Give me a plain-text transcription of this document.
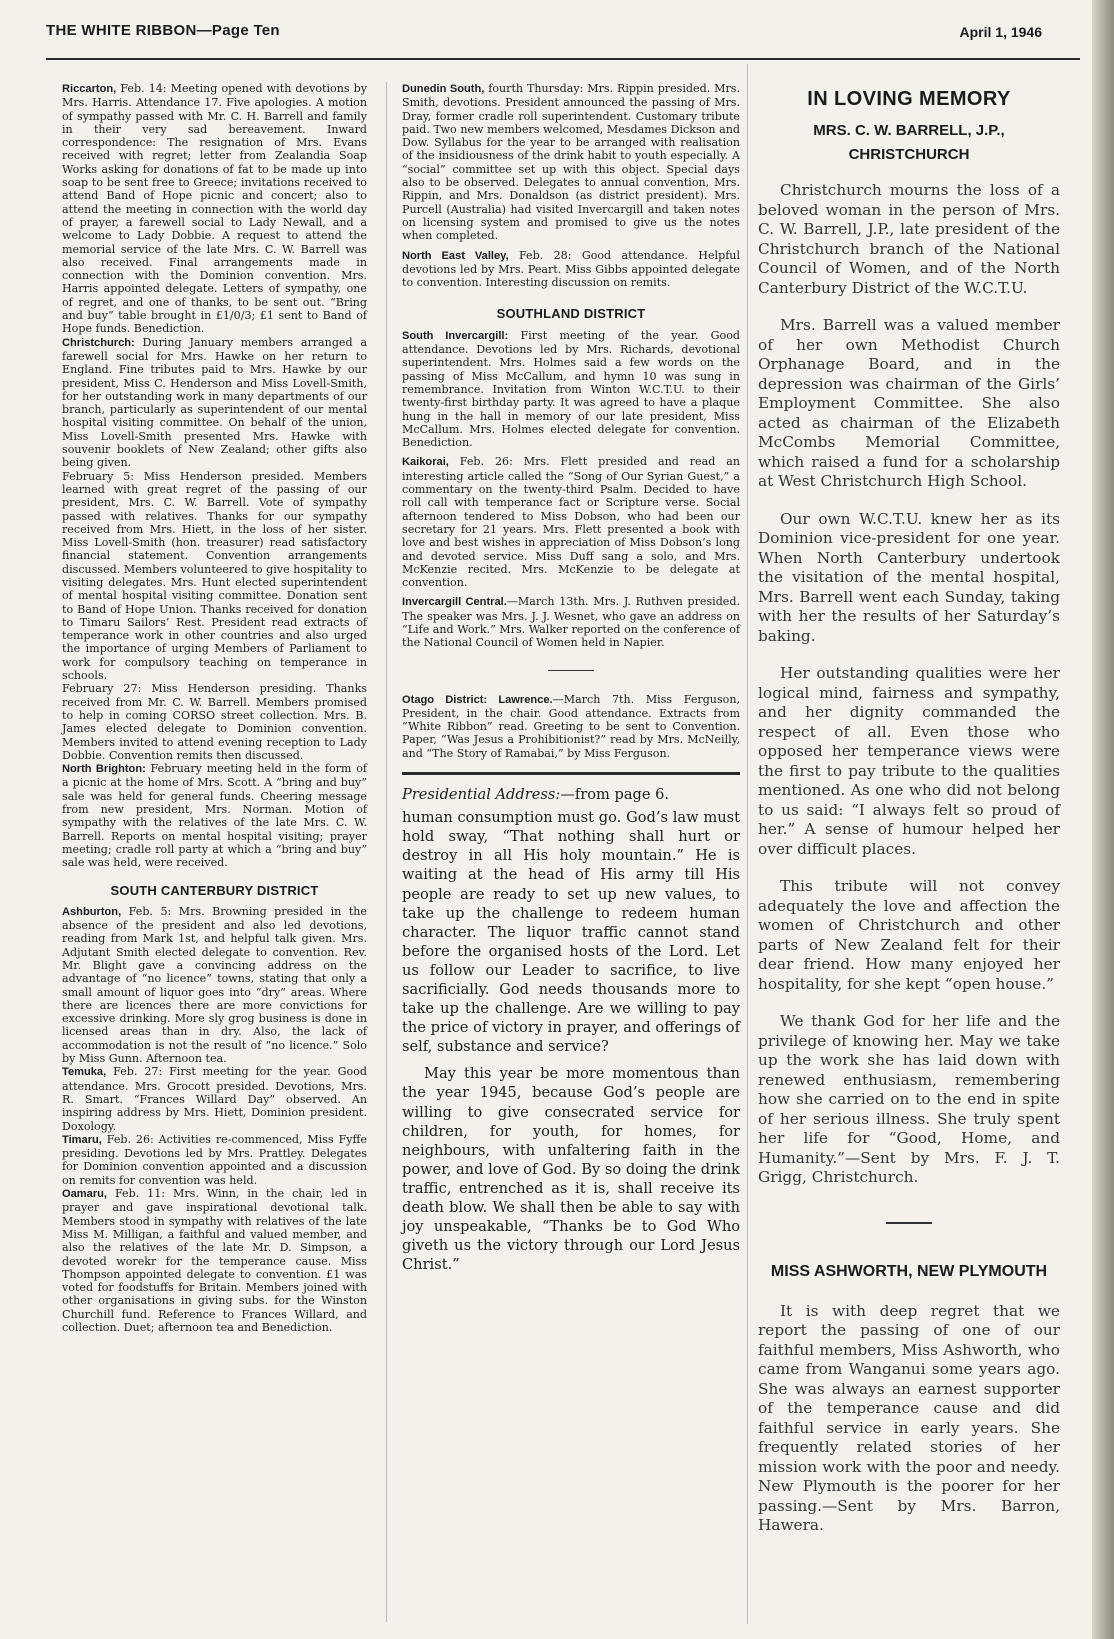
THE WHITE RIBBON—Page Ten	April 1, 1946

Riccarton, Feb. 14: Meeting opened with devotions by Mrs. Harris. Attendance 17. Five apologies. A motion of sympathy passed with Mr. C. H. Barrell and family in their very sad bereavement. Inward correspondence: The resignation of Mrs. Evans received with regret; letter from Zealandia Soap Works asking for donations of fat to be made up into soap to be sent free to Greece; invitations received to attend Band of Hope picnic and concert; also to attend the meeting in connection with the world day of prayer, a farewell social to Lady Newall, and a welcome to Lady Dobbie. A request to attend the memorial service of the late Mrs. C. W. Barrell was also received. Final arrangements made in connection with the Dominion convention. Mrs. Harris appointed delegate. Letters of sympathy, one of regret, and one of thanks, to be sent out. “Bring and buy” table brought in £1/0/3; £1 sent to Band of Hope funds. Benediction.

Christchurch: During January members arranged a farewell social for Mrs. Hawke on her return to England. Fine tributes paid to Mrs. Hawke by our president, Miss C. Henderson and Miss Lovell-Smith, for her outstanding work in many departments of our branch, particularly as superintendent of our mental hospital visiting committee. On behalf of the union, Miss Lovell-Smith presented Mrs. Hawke with souvenir booklets of New Zealand; other gifts also being given.

February 5: Miss Henderson presided. Members learned with great regret of the passing of our president, Mrs. C. W. Barrell. Vote of sympathy passed with relatives. Thanks for our sympathy received from Mrs. Hiett, in the loss of her sister. Miss Lovell-Smith (hon. treasurer) read satisfactory financial statement. Convention arrangements discussed. Members volunteered to give hospitality to visiting delegates. Mrs. Hunt elected superintendent of mental hospital visiting committee. Donation sent to Band of Hope Union. Thanks received for donation to Timaru Sailors’ Rest. President read extracts of temperance work in other countries and also urged the importance of urging Members of Parliament to work for compulsory teaching on temperance in schools.

February 27: Miss Henderson presiding. Thanks received from Mr. C. W. Barrell. Members promised to help in coming CORSO street collection. Mrs. B. James elected delegate to Dominion convention. Members invited to attend evening reception to Lady Dobbie. Convention remits then discussed.

North Brighton: February meeting held in the form of a picnic at the home of Mrs. Scott. A “bring and buy” sale was held for general funds. Cheering message from new president, Mrs. Norman. Motion of sympathy with the relatives of the late Mrs. C. W. Barrell. Reports on mental hospital visiting; prayer meeting; cradle roll party at which a “bring and buy” sale was held, were received.

SOUTH CANTERBURY DISTRICT

Ashburton, Feb. 5: Mrs. Browning presided in the absence of the president and also led devotions, reading from Mark 1st, and helpful talk given. Mrs. Adjutant Smith elected delegate to convention. Rev. Mr. Blight gave a convincing address on the advantage of “no licence” towns, stating that only a small amount of liquor goes into “dry” areas. Where there are licences there are more convictions for excessive drinking. More sly grog business is done in licensed areas than in dry. Also, the lack of accommodation is not the result of “no licence.” Solo by Miss Gunn. Afternoon tea.

Temuka, Feb. 27: First meeting for the year. Good attendance. Mrs. Grocott presided. Devotions, Mrs. R. Smart. “Frances Willard Day” observed. An inspiring address by Mrs. Hiett, Dominion president. Doxology.

Timaru, Feb. 26: Activities re-commenced, Miss Fyffe presiding. Devotions led by Mrs. Prattley. Delegates for Dominion convention appointed and a discussion on remits for convention was held.

Oamaru, Feb. 11: Mrs. Winn, in the chair, led in prayer and gave inspirational devotional talk. Members stood in sympathy with relatives of the late Miss M. Milligan, a faithful and valued member, and also the relatives of the late Mr. D. Simpson, a devoted worekr for the temperance cause. Miss Thompson appointed delegate to convention. £1 was voted for foodstuffs for Britain. Members joined with other organisations in giving subs. for the Winston Churchill fund. Reference to Frances Willard, and collection. Duet; afternoon tea and Benediction.

Dunedin South, fourth Thursday: Mrs. Rippin presided. Mrs. Smith, devotions. President announced the passing of Mrs. Dray, former cradle roll superintendent. Customary tribute paid. Two new members welcomed, Mesdames Dickson and Dow. Syllabus for the year to be arranged with realisation of the insidiousness of the drink habit to youth especially. A “social” committee set up with this object. Special days also to be observed. Delegates to annual convention, Mrs. Rippin, and Mrs. Donaldson (as district president). Mrs. Purcell (Australia) had visited Invercargill and taken notes on licensing system and promised to give us the notes when completed.

North East Valley, Feb. 28: Good attendance. Helpful devotions led by Mrs. Peart. Miss Gibbs appointed delegate to convention. Interesting discussion on remits.

SOUTHLAND DISTRICT

South Invercargill: First meeting of the year. Good attendance. Devotions led by Mrs. Richards, devotional superintendent. Mrs. Holmes said a few words on the passing of Miss McCallum, and hymn 10 was sung in remembrance. Invitation from Winton W.C.T.U. to their twenty-first birthday party. It was agreed to have a plaque hung in the hall in memory of our late president, Miss McCallum. Mrs. Holmes elected delegate for convention. Benediction.

Kaikorai, Feb. 26: Mrs. Flett presided and read an interesting article called the “Song of Our Syrian Guest,” a commentary on the twenty-third Psalm. Decided to have roll call with temperance fact or Scripture verse. Social afternoon tendered to Miss Dobson, who had been our secretary for 21 years. Mrs. Flett presented a book with love and best wishes in appreciation of Miss Dobson’s long and devoted service. Miss Duff sang a solo, and Mrs. McKenzie recited. Mrs. McKenzie to be delegate at convention.

Invercargill Central.—March 13th. Mrs. J. Ruthven presided. The speaker was Mrs. J. J. Wesnet, who gave an address on “Life and Work.” Mrs. Walker reported on the conference of the National Council of Women held in Napier.

Otago District: Lawrence.—March 7th. Miss Ferguson, President, in the chair. Good attendance. Extracts from “White Ribbon” read. Greeting to be sent to Convention. Paper, “Was Jesus a Prohibitionist?” read by Mrs. McNeilly, and “The Story of Ramabai,” by Miss Ferguson.

Presidential Address:—from page 6.

human consumption must go. God’s law must hold sway, “That nothing shall hurt or destroy in all His holy mountain.” He is waiting at the head of His army till His people are ready to set up new values, to take up the challenge to redeem human character. The liquor traffic cannot stand before the organised hosts of the Lord. Let us follow our Leader to sacrifice, to live sacrificially. God needs thousands more to take up the challenge. Are we willing to pay the price of victory in prayer, and offerings of self, substance and service?

May this year be more momentous than the year 1945, because God’s people are willing to give consecrated service for children, for youth, for homes, for neighbours, with unfaltering faith in the power, and love of God. By so doing the drink traffic, entrenched as it is, shall receive its death blow. We shall then be able to say with joy unspeakable, “Thanks be to God Who giveth us the victory through our Lord Jesus Christ.”

IN LOVING MEMORY
MRS. C. W. BARRELL, J.P.,
CHRISTCHURCH

Christchurch mourns the loss of a beloved woman in the person of Mrs. C. W. Barrell, J.P., late president of the Christchurch branch of the National Council of Women, and of the North Canterbury District of the W.C.T.U.

Mrs. Barrell was a valued member of her own Methodist Church Orphanage Board, and in the depression was chairman of the Girls’ Employment Committee. She also acted as chairman of the Elizabeth McCombs Memorial Committee, which raised a fund for a scholarship at West Christchurch High School.

Our own W.C.T.U. knew her as its Dominion vice-president for one year. When North Canterbury undertook the visitation of the mental hospital, Mrs. Barrell went each Sunday, taking with her the results of her Saturday’s baking.

Her outstanding qualities were her logical mind, fairness and sympathy, and her dignity commanded the respect of all. Even those who opposed her temperance views were the first to pay tribute to the qualities mentioned. As one who did not belong to us said: “I always felt so proud of her.” A sense of humour helped her over difficult places.

This tribute will not convey adequately the love and affection the women of Christchurch and other parts of New Zealand felt for their dear friend. How many enjoyed her hospitality, for she kept “open house.”

We thank God for her life and the privilege of knowing her. May we take up the work she has laid down with renewed enthusiasm, remembering how she carried on to the end in spite of her serious illness. She truly spent her life for “Good, Home, and Humanity.”—Sent by Mrs. F. J. T. Grigg, Christchurch.

MISS ASHWORTH, NEW PLYMOUTH

It is with deep regret that we report the passing of one of our faithful members, Miss Ashworth, who came from Wanganui some years ago. She was always an earnest supporter of the temperance cause and did faithful service in early years. She frequently related stories of her mission work with the poor and needy. New Plymouth is the poorer for her passing.—Sent by Mrs. Barron, Hawera.
